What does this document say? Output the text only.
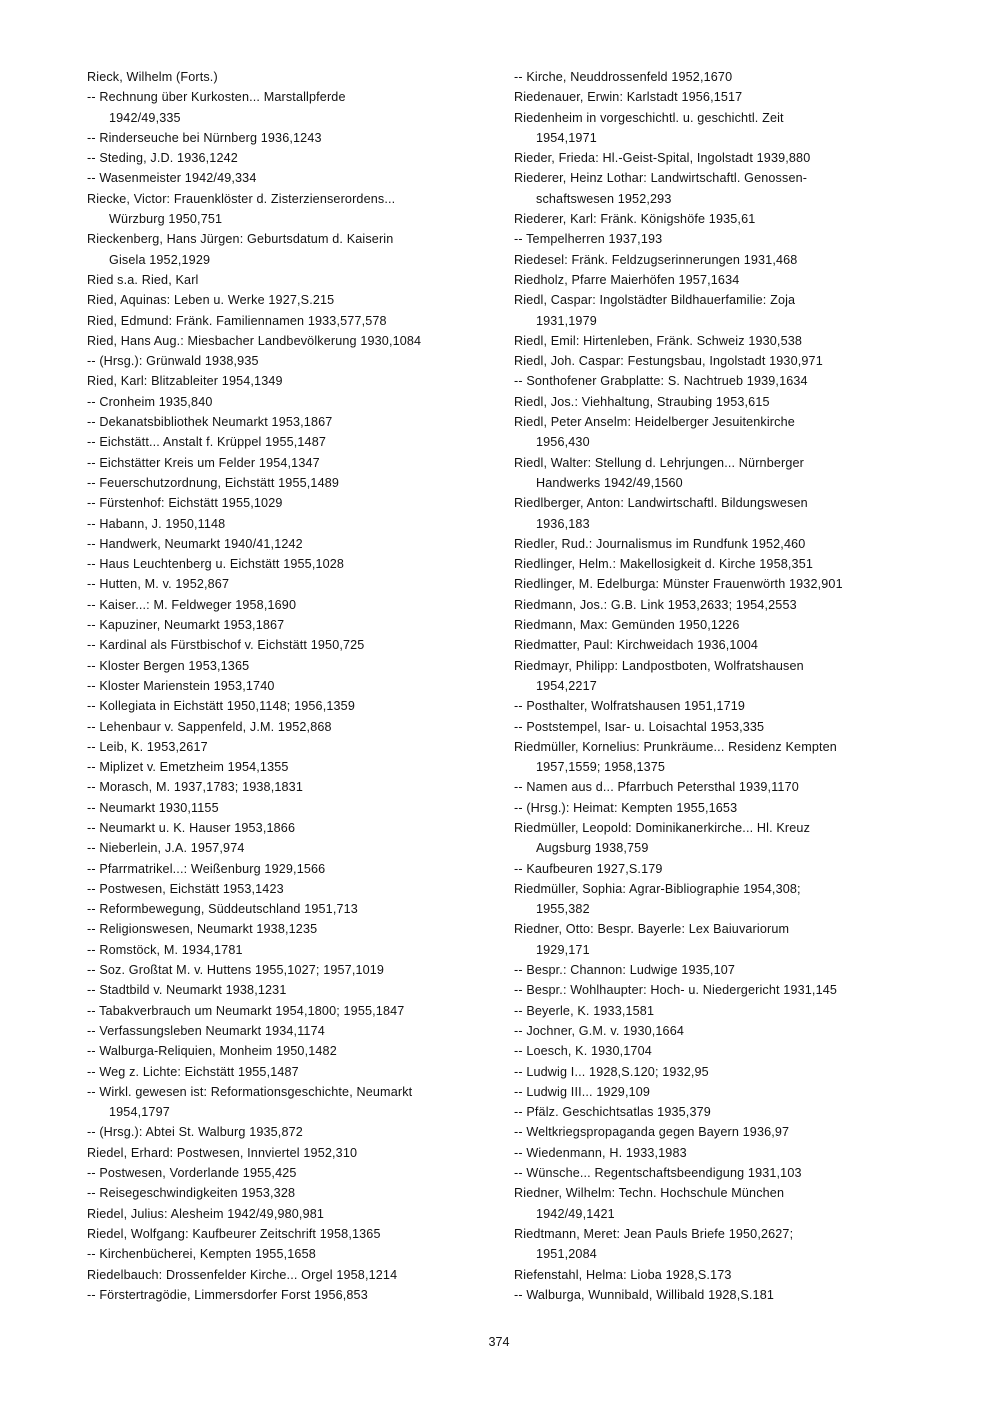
Rieck, Wilhelm (Forts.)
-- Rechnung über Kurkosten... Marstallpferde
1942/49,335
-- Rinderseuche bei Nürnberg 1936,1243
-- Steding, J.D. 1936,1242
-- Wasenmeister 1942/49,334
Riecke, Victor: Frauenklöster d. Zisterzienserordens...
Würzburg 1950,751
Rieckenberg, Hans Jürgen: Geburtsdatum d. Kaiserin
Gisela 1952,1929
Ried s.a. Ried, Karl
Ried, Aquinas: Leben u. Werke 1927,S.215
Ried, Edmund: Fränk. Familiennamen 1933,577,578
Ried, Hans Aug.: Miesbacher Landbevölkerung 1930,1084
-- (Hrsg.): Grünwald 1938,935
Ried, Karl: Blitzableiter 1954,1349
-- Cronheim 1935,840
-- Dekanatsbibliothek Neumarkt 1953,1867
-- Eichstätt... Anstalt f. Krüppel 1955,1487
-- Eichstätter Kreis um Felder 1954,1347
-- Feuerschutzordnung, Eichstätt 1955,1489
-- Fürstenhof: Eichstätt 1955,1029
-- Habann, J. 1950,1148
-- Handwerk, Neumarkt 1940/41,1242
-- Haus Leuchtenberg u. Eichstätt 1955,1028
-- Hutten, M. v. 1952,867
-- Kaiser...: M. Feldweger 1958,1690
-- Kapuziner, Neumarkt 1953,1867
-- Kardinal als Fürstbischof v. Eichstätt 1950,725
-- Kloster Bergen 1953,1365
-- Kloster Marienstein 1953,1740
-- Kollegiata in Eichstätt 1950,1148; 1956,1359
-- Lehenbaur v. Sappenfeld, J.M. 1952,868
-- Leib, K. 1953,2617
-- Miplizet v. Emetzheim 1954,1355
-- Morasch, M. 1937,1783; 1938,1831
-- Neumarkt 1930,1155
-- Neumarkt u. K. Hauser 1953,1866
-- Nieberlein, J.A. 1957,974
-- Pfarrmatrikel...: Weißenburg 1929,1566
-- Postwesen, Eichstätt 1953,1423
-- Reformbewegung, Süddeutschland 1951,713
-- Religionswesen, Neumarkt 1938,1235
-- Romstöck, M. 1934,1781
-- Soz. Großtat M. v. Huttens 1955,1027; 1957,1019
-- Stadtbild v. Neumarkt 1938,1231
-- Tabakverbrauch um Neumarkt 1954,1800; 1955,1847
-- Verfassungsleben Neumarkt 1934,1174
-- Walburga-Reliquien, Monheim 1950,1482
-- Weg z. Lichte: Eichstätt 1955,1487
-- Wirkl. gewesen ist: Reformationsgeschichte, Neumarkt
1954,1797
-- (Hrsg.): Abtei St. Walburg 1935,872
Riedel, Erhard: Postwesen, Innviertel 1952,310
-- Postwesen, Vorderlande 1955,425
-- Reisegeschwindigkeiten 1953,328
Riedel, Julius: Alesheim 1942/49,980,981
Riedel, Wolfgang: Kaufbeurer Zeitschrift 1958,1365
-- Kirchenbücherei, Kempten 1955,1658
Riedelbauch: Drossenfelder Kirche... Orgel 1958,1214
-- Förstertragödie, Limmersdorfer Forst 1956,853
-- Kirche, Neuddrossenfeld 1952,1670
Riedenauer, Erwin: Karlstadt 1956,1517
Riedenheim in vorgeschichtl. u. geschichtl. Zeit
1954,1971
Rieder, Frieda: Hl.-Geist-Spital, Ingolstadt 1939,880
Riederer, Heinz Lothar: Landwirtschaftl. Genossen-
schaftswesen 1952,293
Riederer, Karl: Fränk. Königshöfe 1935,61
-- Tempelherren 1937,193
Riedesel: Fränk. Feldzugserinnerungen 1931,468
Riedholz, Pfarre Maierhöfen 1957,1634
Riedl, Caspar: Ingolstädter Bildhauerfamilie: Zoja
1931,1979
Riedl, Emil: Hirtenleben, Fränk. Schweiz 1930,538
Riedl, Joh. Caspar: Festungsbau, Ingolstadt 1930,971
-- Sonthofener Grabplatte: S. Nachtrueb 1939,1634
Riedl, Jos.: Viehhaltung, Straubing 1953,615
Riedl, Peter Anselm: Heidelberger Jesuitenkirche
1956,430
Riedl, Walter: Stellung d. Lehrjungen... Nürnberger
Handwerks 1942/49,1560
Riedlberger, Anton: Landwirtschaftl. Bildungswesen
1936,183
Riedler, Rud.: Journalismus im Rundfunk 1952,460
Riedlinger, Helm.: Makellosigkeit d. Kirche 1958,351
Riedlinger, M. Edelburga: Münster Frauenwörth 1932,901
Riedmann, Jos.: G.B. Link 1953,2633; 1954,2553
Riedmann, Max: Gemünden 1950,1226
Riedmatter, Paul: Kirchweidach 1936,1004
Riedmayr, Philipp: Landpostboten, Wolfratshausen
1954,2217
-- Posthalter, Wolfratshausen 1951,1719
-- Poststempel, Isar- u. Loisachtal 1953,335
Riedmüller, Kornelius: Prunkräume... Residenz Kempten
1957,1559; 1958,1375
-- Namen aus d... Pfarrbuch Petersthal 1939,1170
-- (Hrsg.): Heimat: Kempten 1955,1653
Riedmüller, Leopold: Dominikanerkirche... Hl. Kreuz
Augsburg 1938,759
-- Kaufbeuren 1927,S.179
Riedmüller, Sophia: Agrar-Bibliographie 1954,308;
1955,382
Riedner, Otto: Bespr. Bayerle: Lex Baiuvariorum
1929,171
-- Bespr.: Channon: Ludwige 1935,107
-- Bespr.: Wohlhaupter: Hoch- u. Niedergericht 1931,145
-- Beyerle, K. 1933,1581
-- Jochner, G.M. v. 1930,1664
-- Loesch, K. 1930,1704
-- Ludwig I... 1928,S.120; 1932,95
-- Ludwig III... 1929,109
-- Pfälz. Geschichtsatlas 1935,379
-- Weltkriegspropaganda gegen Bayern 1936,97
-- Wiedenmann, H. 1933,1983
-- Wünsche... Regentschaftsbeendigung 1931,103
Riedner, Wilhelm: Techn. Hochschule München
1942/49,1421
Riedtmann, Meret: Jean Pauls Briefe 1950,2627;
1951,2084
Riefenstahl, Helma: Lioba 1928,S.173
-- Walburga, Wunnibald, Willibald 1928,S.181
374
